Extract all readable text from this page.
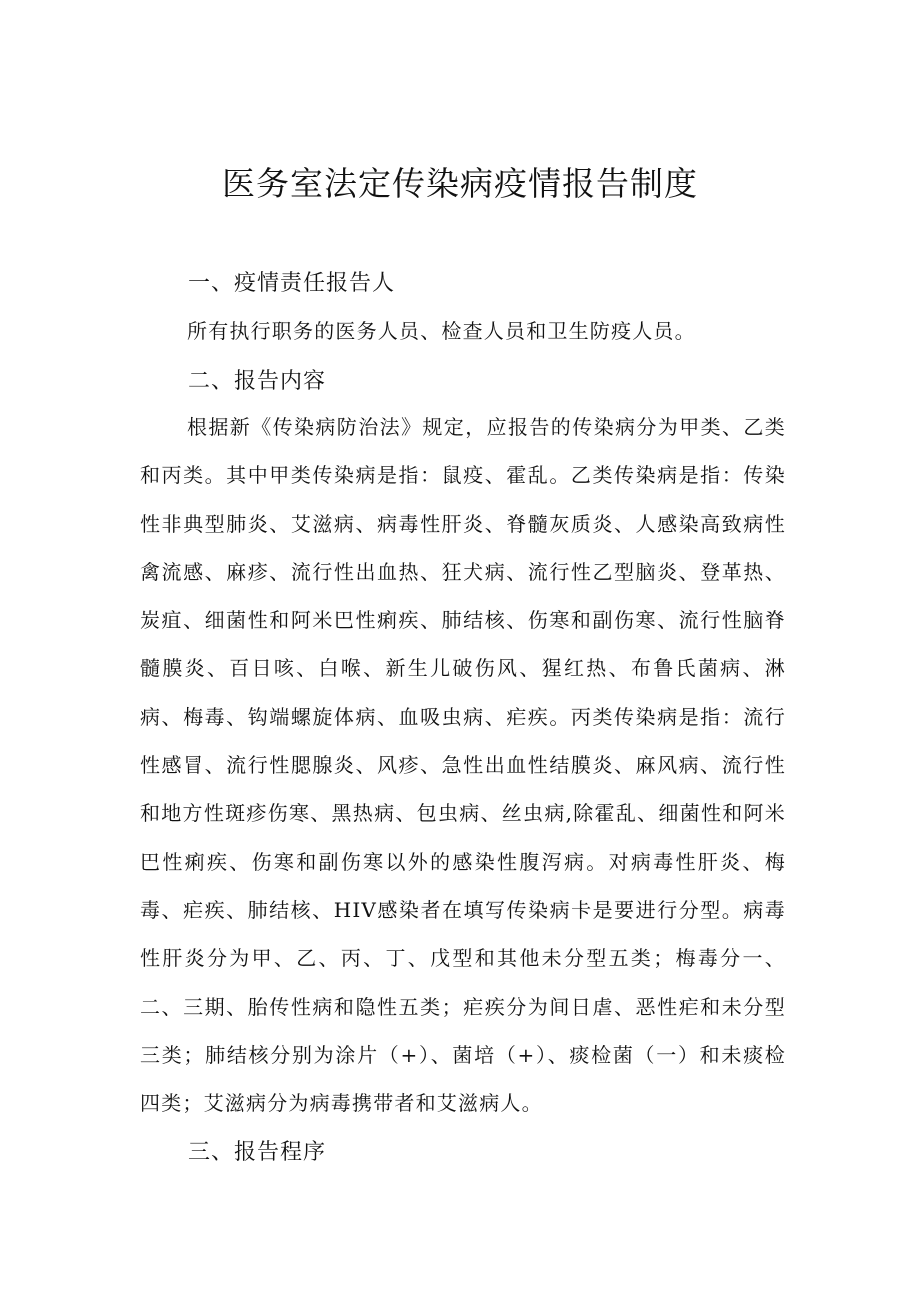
医务室法定传染病疫情报告制度
一、疫情责任报告人

所有执行职务的医务人员、检查人员和卫生防疫人员。

二、报告内容

根据新《传染病防治法》规定，应报告的传染病分为甲类、乙类和丙类。其中甲类传染病是指：鼠疫、霍乱。乙类传染病是指：传染性非典型肺炎、艾滋病、病毒性肝炎、脊髓灰质炎、人感染高致病性禽流感、麻疹、流行性出血热、狂犬病、流行性乙型脑炎、登革热、炭疽、细菌性和阿米巴性痢疾、肺结核、伤寒和副伤寒、流行性脑脊髓膜炎、百日咳、白喉、新生儿破伤风、猩红热、布鲁氏菌病、淋病、梅毒、钩端螺旋体病、血吸虫病、疟疾。丙类传染病是指：流行性感冒、流行性腮腺炎、风疹、急性出血性结膜炎、麻风病、流行性和地方性斑疹伤寒、黑热病、包虫病、丝虫病,除霍乱、细菌性和阿米巴性痢疾、伤寒和副伤寒以外的感染性腹泻病。对病毒性肝炎、梅毒、疟疾、肺结核、HIV感染者在填写传染病卡是要进行分型。病毒性肝炎分为甲、乙、丙、丁、戊型和其他未分型五类；梅毒分一、二、三期、胎传性病和隐性五类；疟疾分为间日虐、恶性疟和未分型三类；肺结核分别为涂片（+）、菌培（+）、痰检菌（一）和未痰检四类；艾滋病分为病毒携带者和艾滋病人。

三、报告程序
